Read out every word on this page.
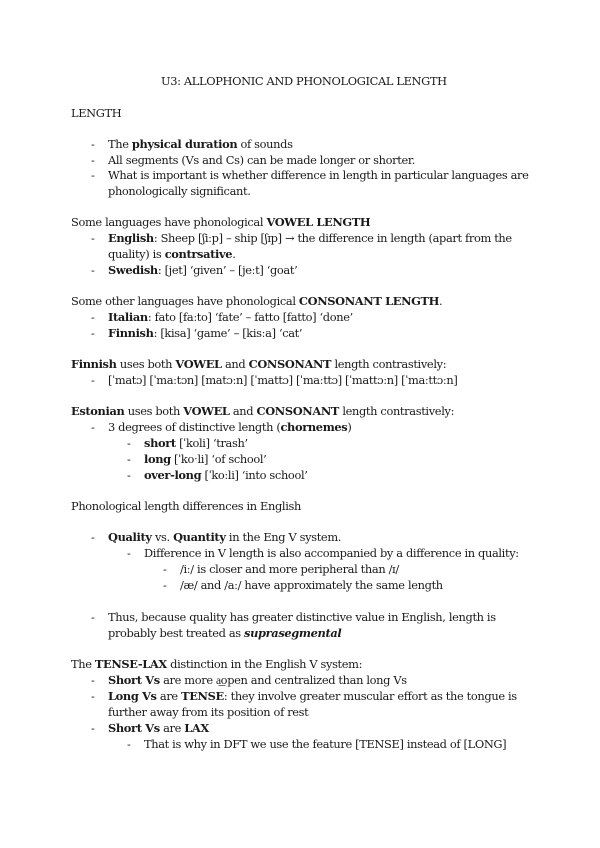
U3: ALLOPHONIC AND PHONOLOGICAL LENGTH
LENGTH
- The physical duration of sounds
- All segments (Vs and Cs) can be made longer or shorter.
- What is important is whether difference in length in particular languages are
phonologically significant.
Some languages have phonological VOWEL LENGTH
- English: Sheep [ʃiːp] – ship [ʃɪp] → the difference in length (apart from the
quality) is contrsative.
- Swedish: [jet] ‘given’ – [jeːt] ‘goat’
Some other languages have phonological CONSONANT LENGTH.
- Italian: fato [faːto] ‘fate’ – fatto [fatto] ‘done’
- Finnish: [kisa] ‘game’ – [kisːa] ‘cat’
Finnish uses both VOWEL and CONSONANT length contrastively:
- [ˈmatɔ] [ˈmaːtɔn] [matɔːn] [ˈmattɔ] [ˈmaːttɔ] [ˈmattɔːn] [ˈmaːttɔːn]
Estonian uses both VOWEL and CONSONANT length contrastively:
- 3 degrees of distinctive length (chornemes)
- short [ˈkoli] ‘trash’
- long [ˈkoˑli] ‘of school’
- over-long [ˈkoːli] ‘into school’
Phonological length differences in English
- Quality vs. Quantity in the Eng V system.
- Difference in V length is also accompanied by a difference in quality:
- /iː/ is closer and more peripheral than /ɪ/
- /æ/ and /aː/ have approximately the same length
- Thus, because quality has greater distinctive value in English, length is
probably best treated as suprasegmental
The TENSE-LAX distinction in the English V system:
- Short Vs are more a͟open and centralized than long Vs
- Long Vs are TENSE: they involve greater muscular effort as the tongue is
further away from its position of rest
- Short Vs are LAX
- That is why in DFT we use the feature [TENSE] instead of [LONG]
